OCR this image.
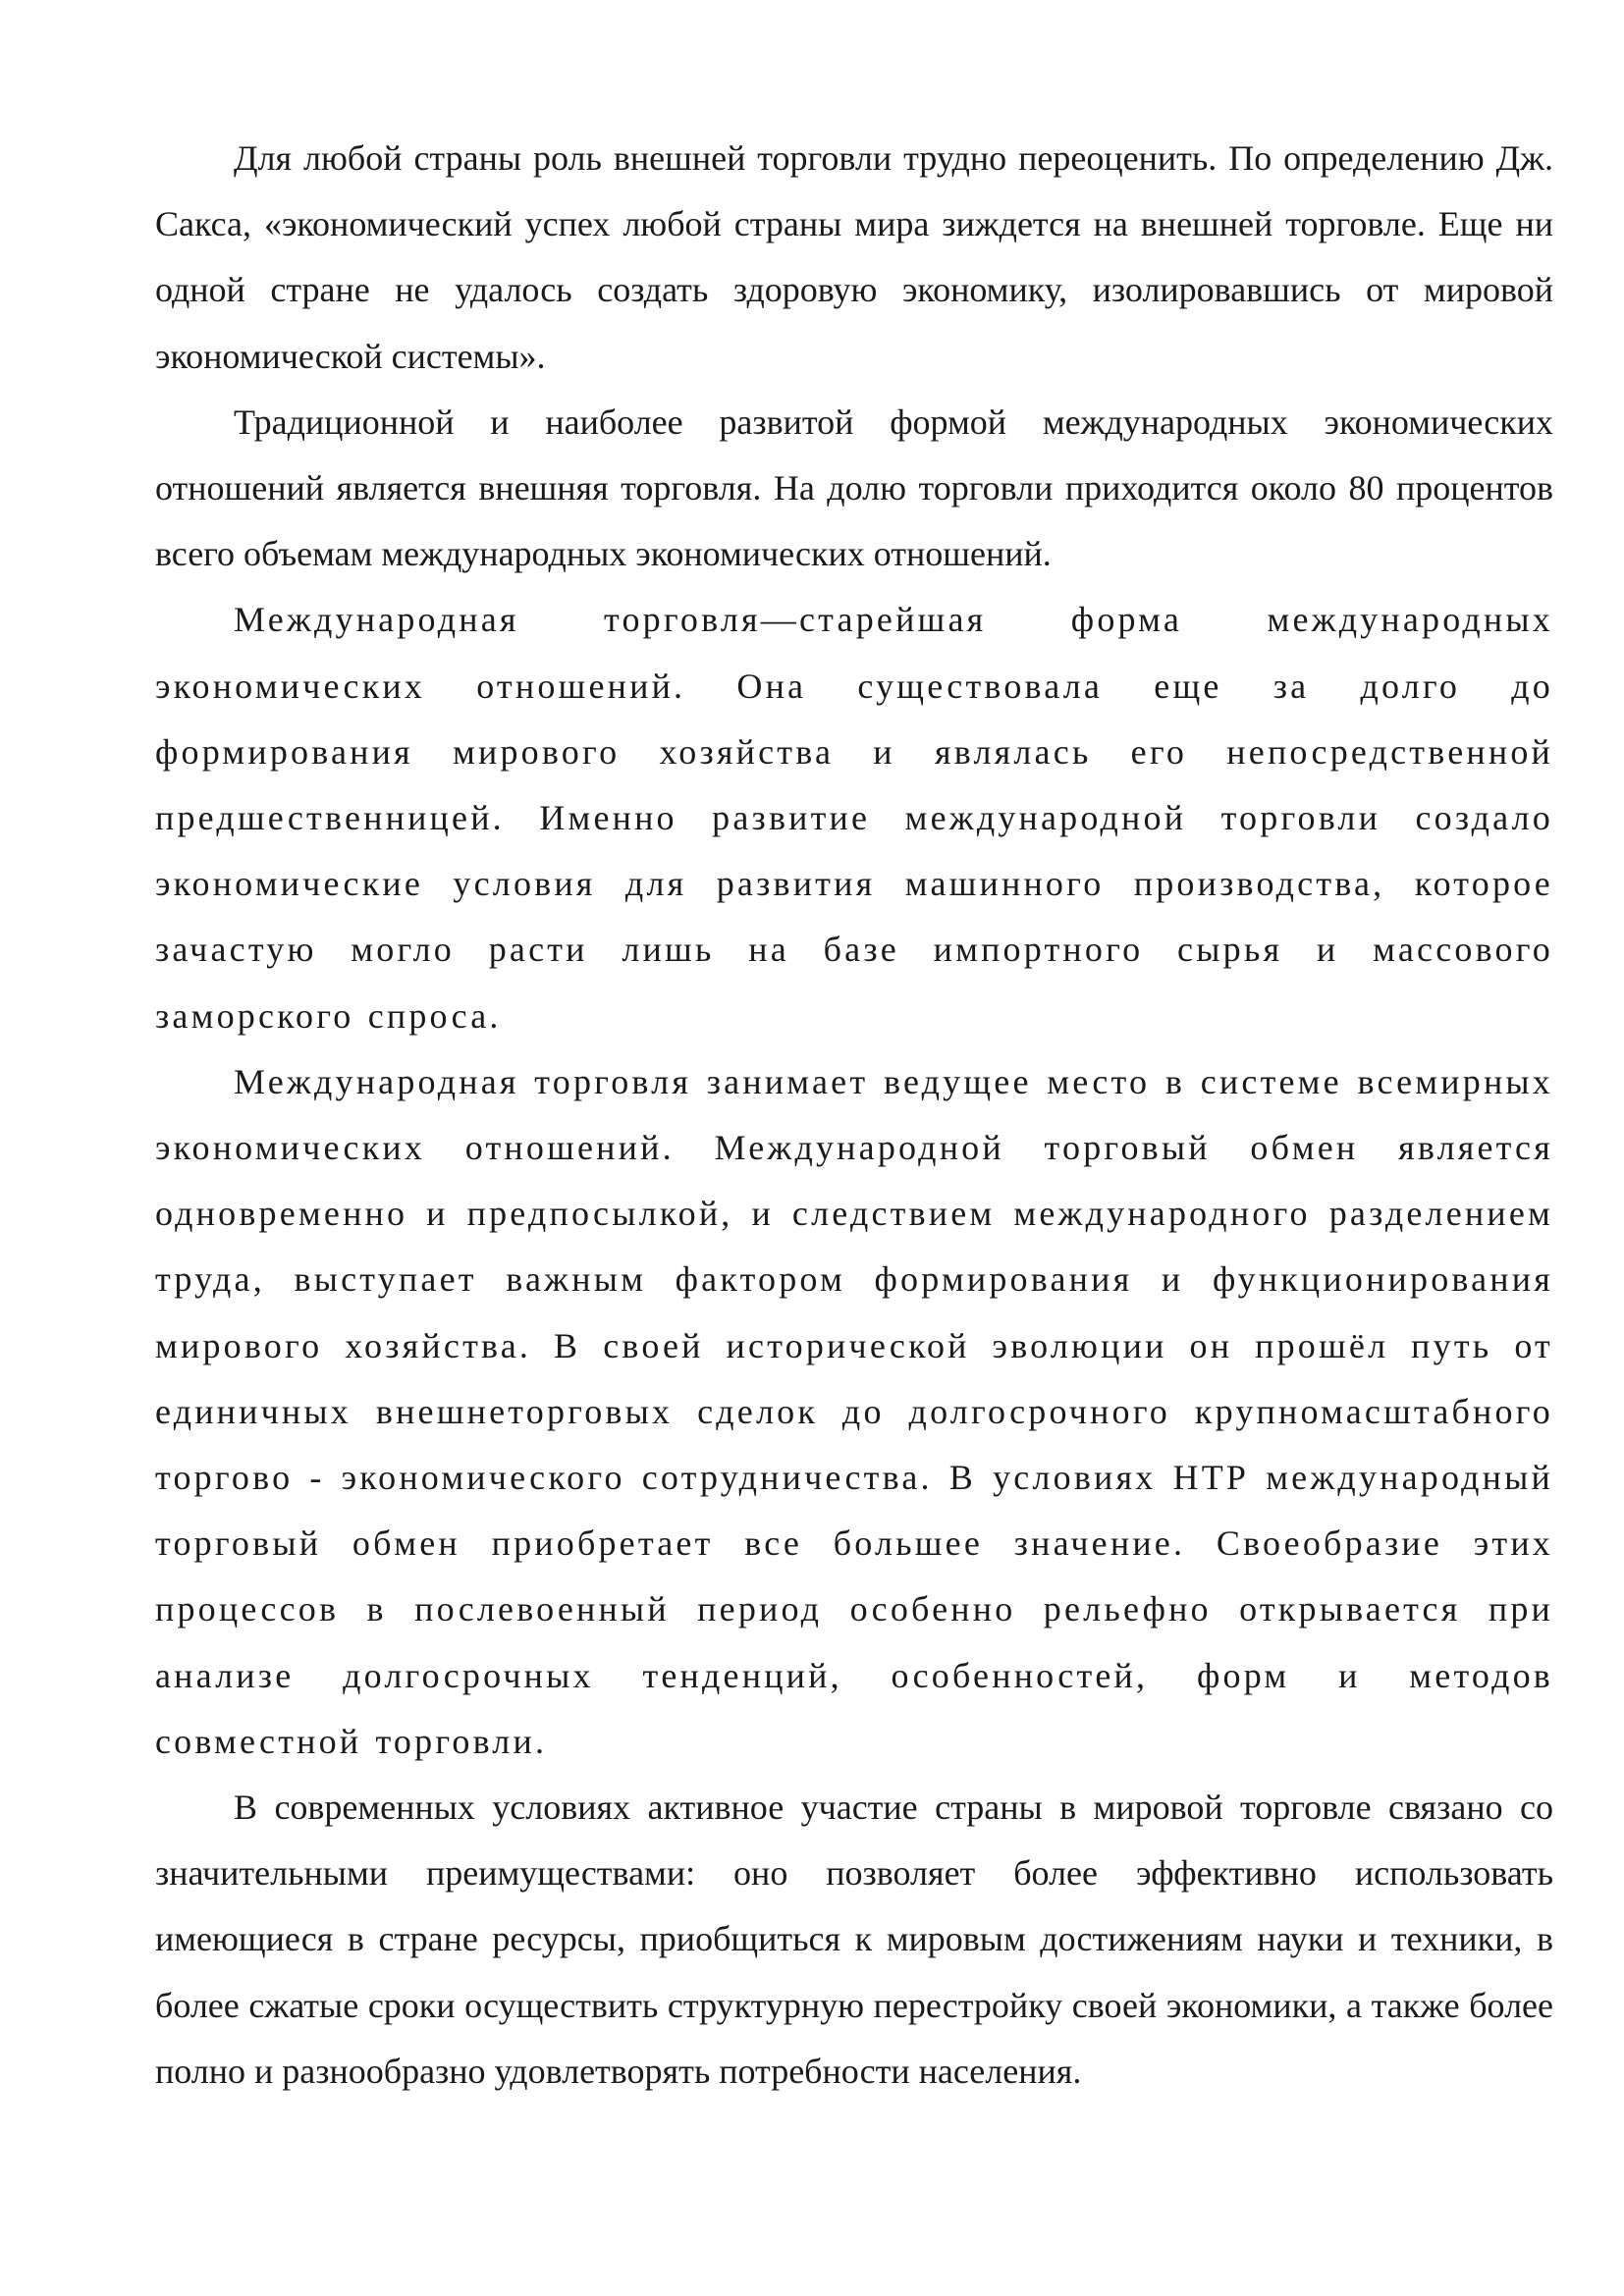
Для любой страны роль внешней торговли трудно переоценить. По определению Дж. Сакса, «экономический успех любой страны мира зиждется на внешней торговле. Еще ни одной стране не удалось создать здоровую экономику, изолировавшись от мировой экономической системы».

Традиционной и наиболее развитой формой международных экономических отношений является внешняя торговля. На долю торговли приходится около 80 процентов всего объемам международных экономических отношений.

Международная торговля—старейшая форма международных экономических отношений. Она существовала еще за долго до формирования мирового хозяйства и являлась его непосредственной предшественницей. Именно развитие международной торговли создало экономические условия для развития машинного производства, которое зачастую могло расти лишь на базе импортного сырья и массового заморского спроса.

Международная торговля занимает ведущее место в системе всемирных экономических отношений. Международной торговый обмен является одновременно и предпосылкой, и следствием международного разделением труда, выступает важным фактором формирования и функционирования мирового хозяйства. В своей исторической эволюции он прошёл путь от единичных внешнеторговых сделок до долгосрочного крупномасштабного торгово - экономического сотрудничества. В условиях НТР международный торговый обмен приобретает все большее значение. Своеобразие этих процессов в послевоенный период особенно рельефно открывается при анализе долгосрочных тенденций, особенностей, форм и методов совместной торговли.

В современных условиях активное участие страны в мировой торговле связано со значительными преимуществами: оно позволяет более эффективно использовать имеющиеся в стране ресурсы, приобщиться к мировым достижениям науки и техники, в более сжатые сроки осуществить структурную перестройку своей экономики, а также более полно и разнообразно удовлетворять потребности населения.
